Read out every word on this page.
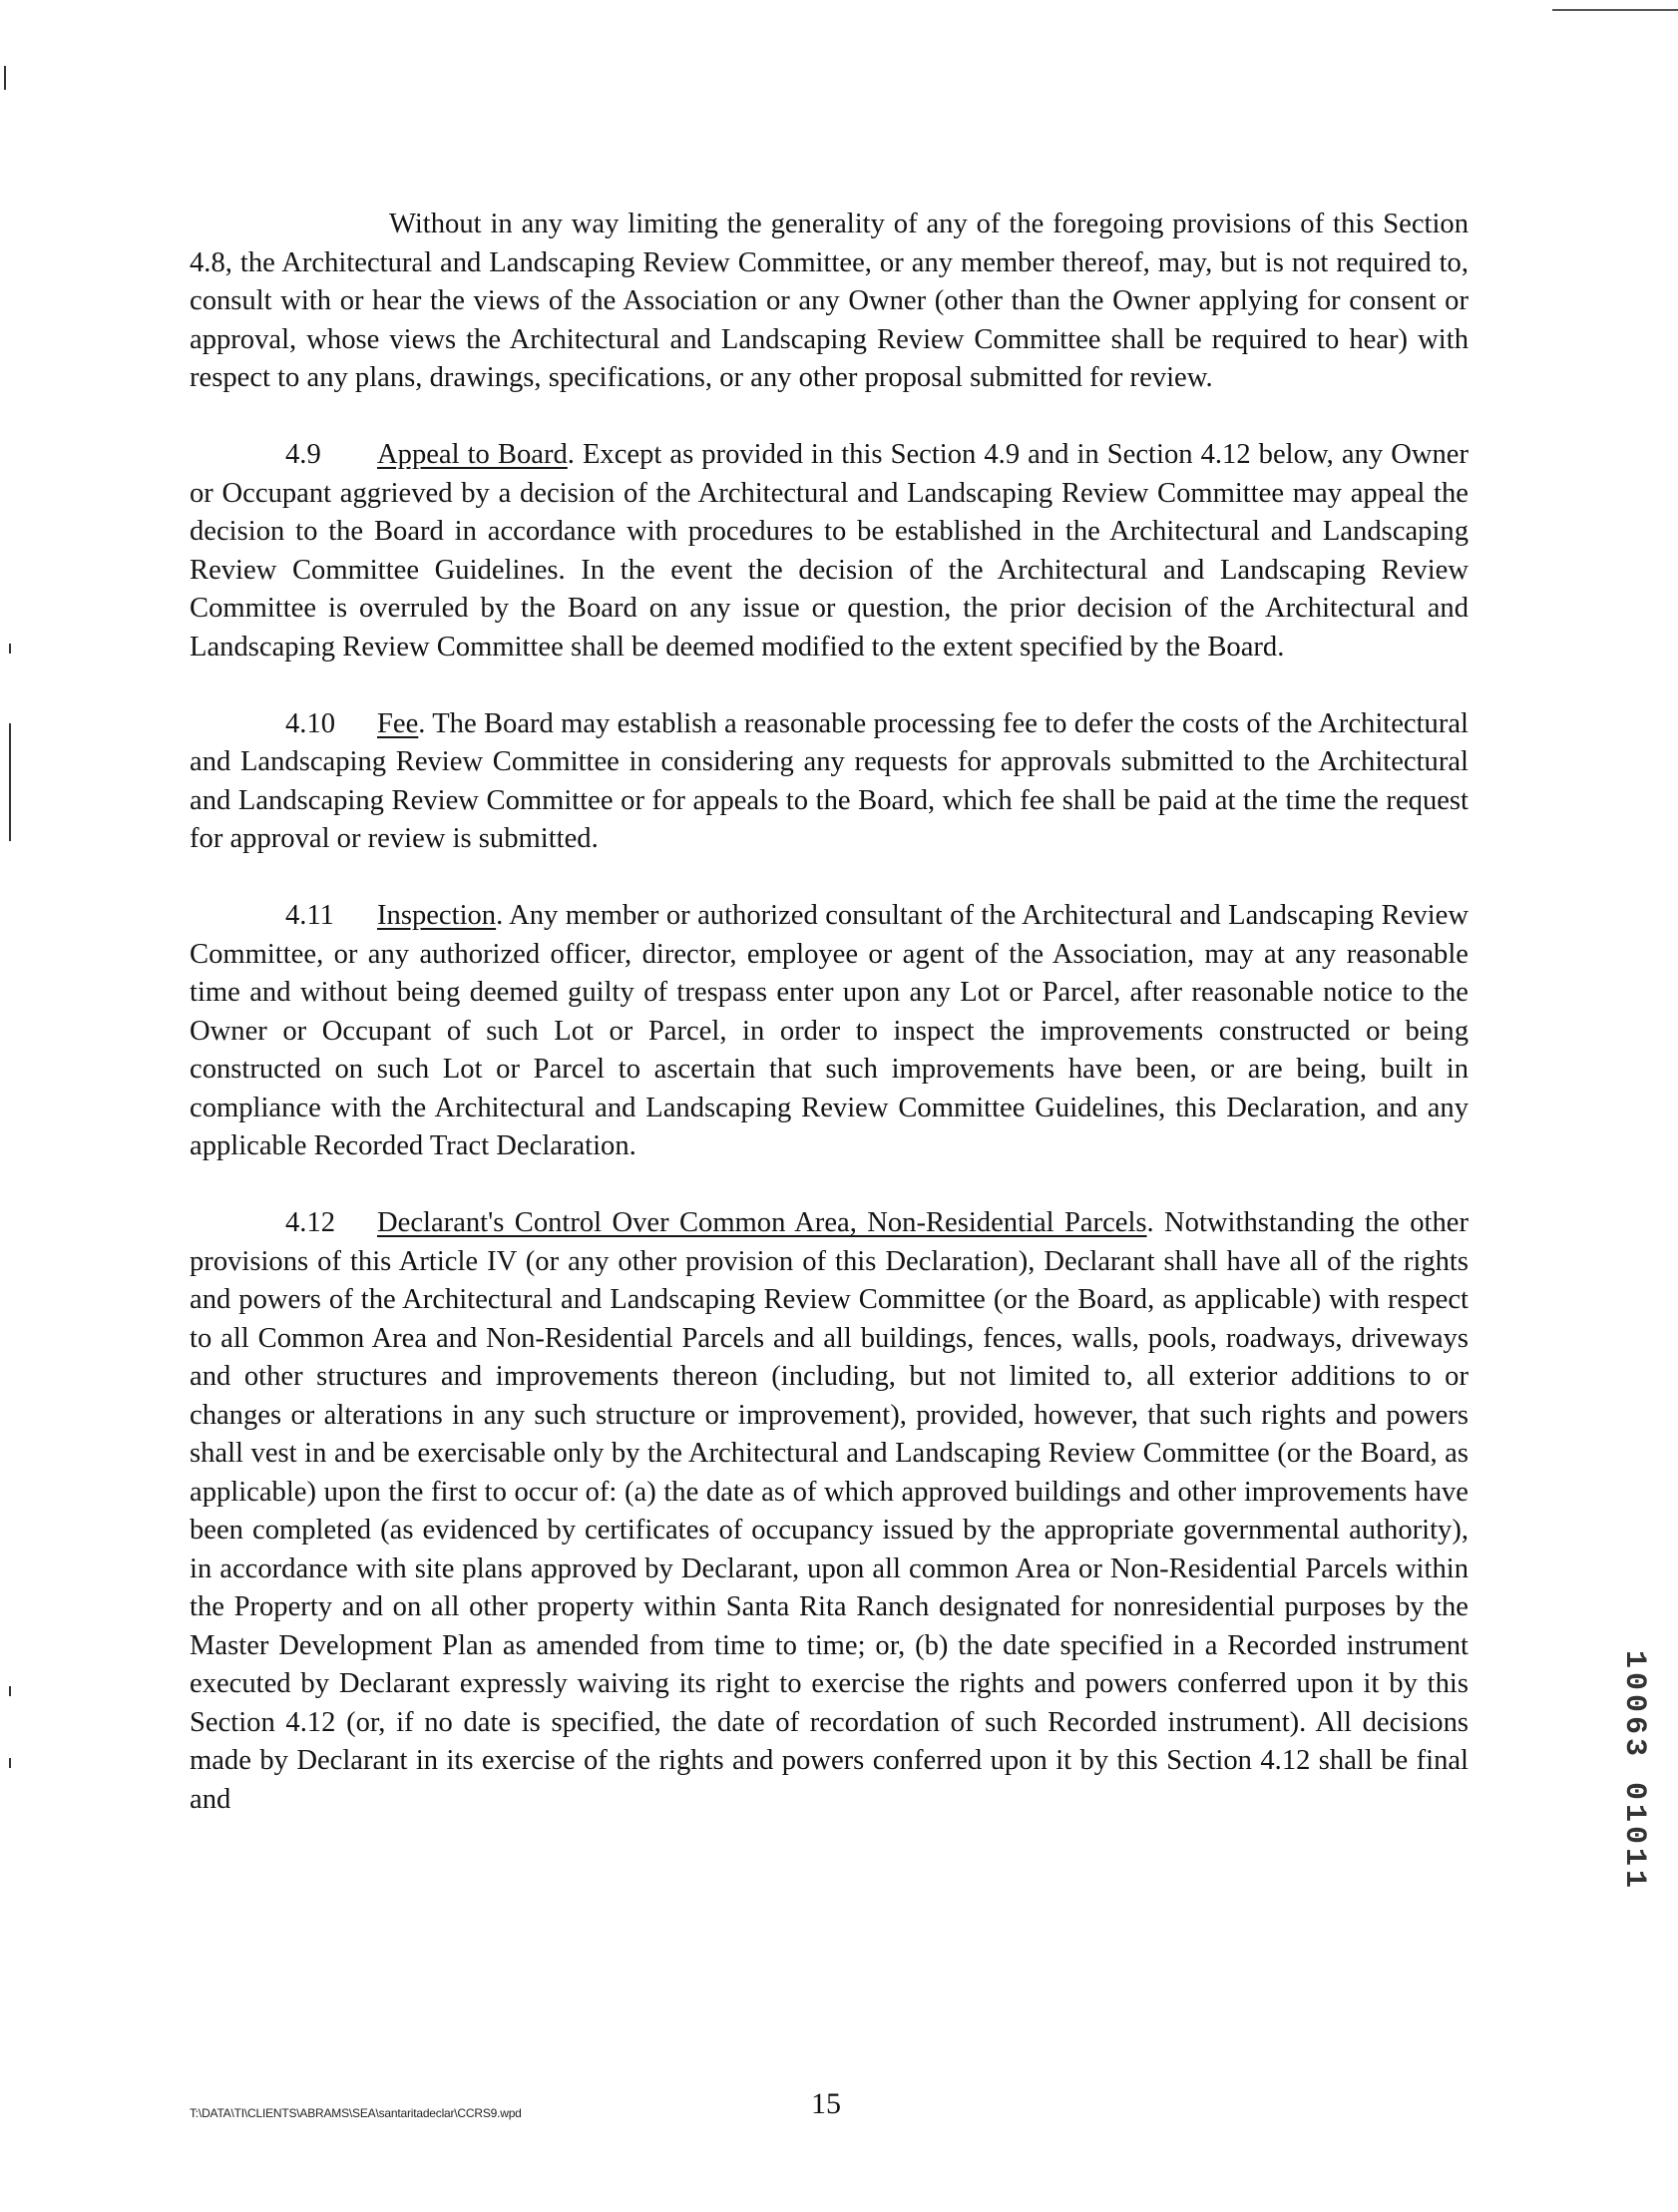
Without in any way limiting the generality of any of the foregoing provisions of this Section 4.8, the Architectural and Landscaping Review Committee, or any member thereof, may, but is not required to, consult with or hear the views of the Association or any Owner (other than the Owner applying for consent or approval, whose views the Architectural and Landscaping Review Committee shall be required to hear) with respect to any plans, drawings, specifications, or any other proposal submitted for review.

4.9 Appeal to Board. Except as provided in this Section 4.9 and in Section 4.12 below, any Owner or Occupant aggrieved by a decision of the Architectural and Landscaping Review Committee may appeal the decision to the Board in accordance with procedures to be established in the Architectural and Landscaping Review Committee Guidelines. In the event the decision of the Architectural and Landscaping Review Committee is overruled by the Board on any issue or question, the prior decision of the Architectural and Landscaping Review Committee shall be deemed modified to the extent specified by the Board.

4.10 Fee. The Board may establish a reasonable processing fee to defer the costs of the Architectural and Landscaping Review Committee in considering any requests for approvals submitted to the Architectural and Landscaping Review Committee or for appeals to the Board, which fee shall be paid at the time the request for approval or review is submitted.

4.11 Inspection. Any member or authorized consultant of the Architectural and Landscaping Review Committee, or any authorized officer, director, employee or agent of the Association, may at any reasonable time and without being deemed guilty of trespass enter upon any Lot or Parcel, after reasonable notice to the Owner or Occupant of such Lot or Parcel, in order to inspect the improvements constructed or being constructed on such Lot or Parcel to ascertain that such improvements have been, or are being, built in compliance with the Architectural and Landscaping Review Committee Guidelines, this Declaration, and any applicable Recorded Tract Declaration.

4.12 Declarant's Control Over Common Area, Non-Residential Parcels. Notwithstanding the other provisions of this Article IV (or any other provision of this Declaration), Declarant shall have all of the rights and powers of the Architectural and Landscaping Review Committee (or the Board, as applicable) with respect to all Common Area and Non-Residential Parcels and all buildings, fences, walls, pools, roadways, driveways and other structures and improvements thereon (including, but not limited to, all exterior additions to or changes or alterations in any such structure or improvement), provided, however, that such rights and powers shall vest in and be exercisable only by the Architectural and Landscaping Review Committee (or the Board, as applicable) upon the first to occur of: (a) the date as of which approved buildings and other improvements have been completed (as evidenced by certificates of occupancy issued by the appropriate governmental authority), in accordance with site plans approved by Declarant, upon all common Area or Non-Residential Parcels within the Property and on all other property within Santa Rita Ranch designated for nonresidential purposes by the Master Development Plan as amended from time to time; or, (b) the date specified in a Recorded instrument executed by Declarant expressly waiving its right to exercise the rights and powers conferred upon it by this Section 4.12 (or, if no date is specified, the date of recordation of such Recorded instrument). All decisions made by Declarant in its exercise of the rights and powers conferred upon it by this Section 4.12 shall be final and

T:\DATA\TI\CLIENTS\ABRAMS\SEA\santaritadeclar\CCRS9.wpd	15
10063 01011
